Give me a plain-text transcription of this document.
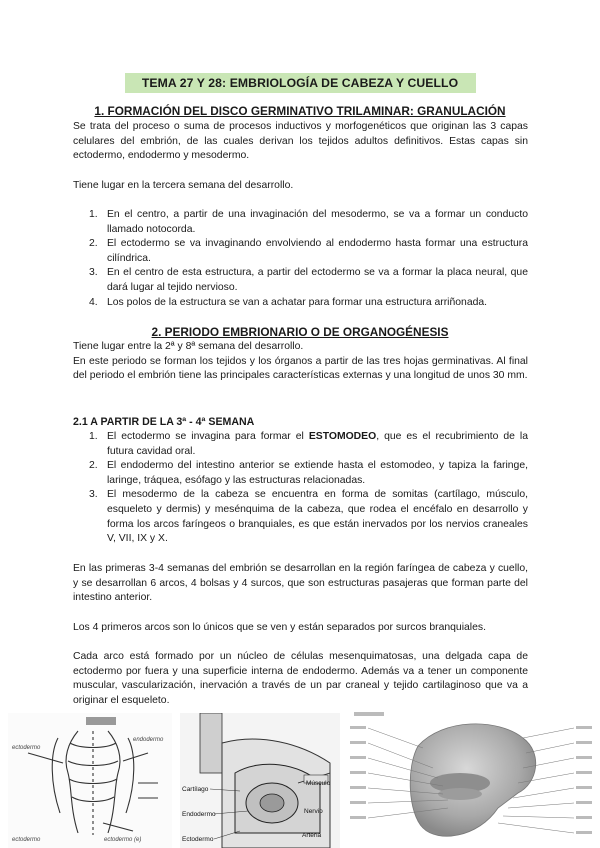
TEMA 27 Y 28: EMBRIOLOGÍA DE CABEZA Y CUELLO
1. FORMACIÓN DEL DISCO GERMINATIVO TRILAMINAR: GRANULACIÓN

Se trata del proceso o suma de procesos inductivos y morfogenéticos que originan las 3 capas celulares del embrión, de las cuales derivan los tejidos adultos definitivos. Estas capas sin ectodermo, endodermo y mesodermo.

Tiene lugar en la tercera semana del desarrollo.

1. En el centro, a partir de una invaginación del mesodermo, se va a formar un conducto llamado notocorda.
2. El ectodermo se va invaginando envolviendo al endodermo hasta formar una estructura cilíndrica.
3. En el centro de esta estructura, a partir del ectodermo se va a formar la placa neural, que dará lugar al tejido nervioso.
4. Los polos de la estructura se van a achatar para formar una estructura arriñonada.
2. PERIODO EMBRIONARIO O DE ORGANOGÉNESIS

Tiene lugar entre la 2ª y 8ª semana del desarrollo.

En este periodo se forman los tejidos y los órganos a partir de las tres hojas germinativas. Al final del periodo el embrión tiene las principales características externas y una longitud de unos 30 mm.

2.1 A PARTIR DE LA 3ª - 4ª SEMANA
1. El ectodermo se invagina para formar el ESTOMODEO, que es el recubrimiento de la futura cavidad oral.
2. El endodermo del intestino anterior se extiende hasta el estomodeo, y tapiza la faringe, laringe, tráquea, esófago y las estructuras relacionadas.
3. El mesodermo de la cabeza se encuentra en forma de somitas (cartílago, músculo, esqueleto y dermis) y mesénquima de la cabeza, que rodea el encéfalo en desarrollo y forma los arcos faríngeos o branquiales, es que están inervados por los nervios craneales V, VII, IX y X.

En las primeras 3-4 semanas del embrión se desarrollan en la región faríngea de cabeza y cuello, y se desarrollan 6 arcos, 4 bolsas y 4 surcos, que son estructuras pasajeras que forman parte del intestino anterior.

Los 4 primeros arcos son lo únicos que se ven y están separados por surcos branquiales.

Cada arco está formado por un núcleo de células mesenquimatosas, una delgada capa de ectodermo por fuera y una superficie interna de endodermo. Además va a tener un componente muscular, vascularización, inervación a través de un par craneal y tejido cartilaginoso que va a originar el esqueleto.

ectodermo
endodermo
ectodermo	ectodermo (e)
Cartílago
Endodermo
Ectodermo
Músculo
Nervio
Arteria
